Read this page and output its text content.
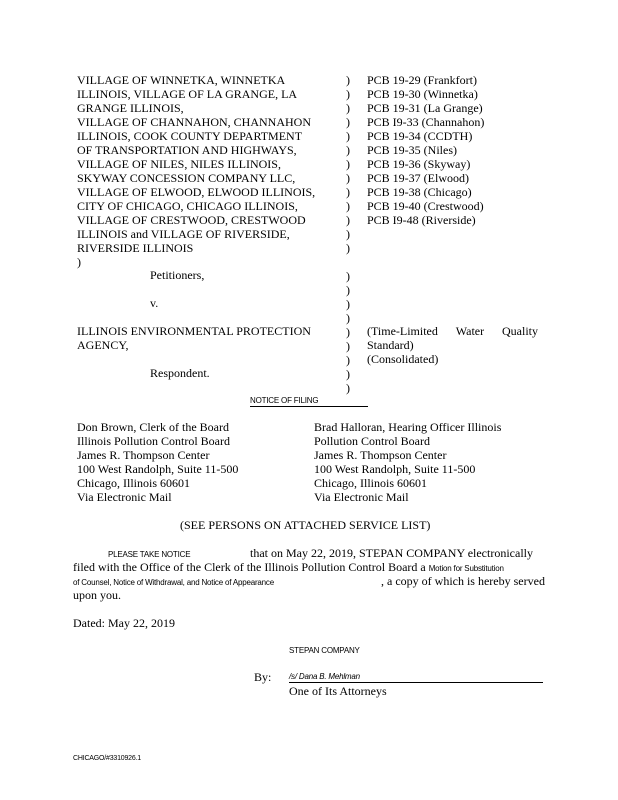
VILLAGE OF WINNETKA, WINNETKA
ILLINOIS, VILLAGE OF LA GRANGE, LA
GRANGE ILLINOIS,
VILLAGE OF CHANNAHON, CHANNAHON
ILLINOIS, COOK COUNTY DEPARTMENT
OF TRANSPORTATION AND HIGHWAYS,
VILLAGE OF NILES, NILES ILLINOIS,
SKYWAY CONCESSION COMPANY LLC,
VILLAGE OF ELWOOD, ELWOOD ILLINOIS,
CITY OF CHICAGO, CHICAGO ILLINOIS,
VILLAGE OF CRESTWOOD, CRESTWOOD
ILLINOIS and VILLAGE OF RIVERSIDE,
RIVERSIDE ILLINOIS
)
)
)
)
)
)
)
)
)
)
)
)
)
)
)
)
)
)
)
)
)
)
)
PCB 19-29 (Frankfort)
PCB 19-30 (Winnetka)
PCB 19-31 (La Grange)
PCB I9-33 (Channahon)
PCB 19-34 (CCDTH)
PCB 19-35 (Niles)
PCB 19-36 (Skyway)
PCB 19-37 (Elwood)
PCB 19-38 (Chicago)
PCB 19-40 (Crestwood)
PCB I9-48 (Riverside)
Petitioners,
v.
ILLINOIS ENVIRONMENTAL PROTECTION
AGENCY,
(Time-Limited Water Quality
Standard)
(Consolidated)
Respondent.
NOTICE OF FILING
Don Brown, Clerk of the Board
Illinois Pollution Control Board
James R. Thompson Center
100 West Randolph, Suite 11-500
Chicago, Illinois 60601
Via Electronic Mail
Brad Halloran, Hearing Officer Illinois
Pollution Control Board
James R. Thompson Center
100 West Randolph, Suite 11-500
Chicago, Illinois 60601
Via Electronic Mail
(SEE PERSONS ON ATTACHED SERVICE LIST)
PLEASE TAKE NOTICE	that on May 22, 2019, STEPAN COMPANY electronically
filed with the Office of the Clerk of the Illinois Pollution Control Board a Motion for Substitution
of Counsel, Notice of Withdrawal, and Notice of Appearance	, a copy of which is hereby served
upon you.
Dated: May 22, 2019
STEPAN COMPANY
By: /s/ Dana B. Mehlman
One of Its Attorneys
CHICAGO/#3310926.1
